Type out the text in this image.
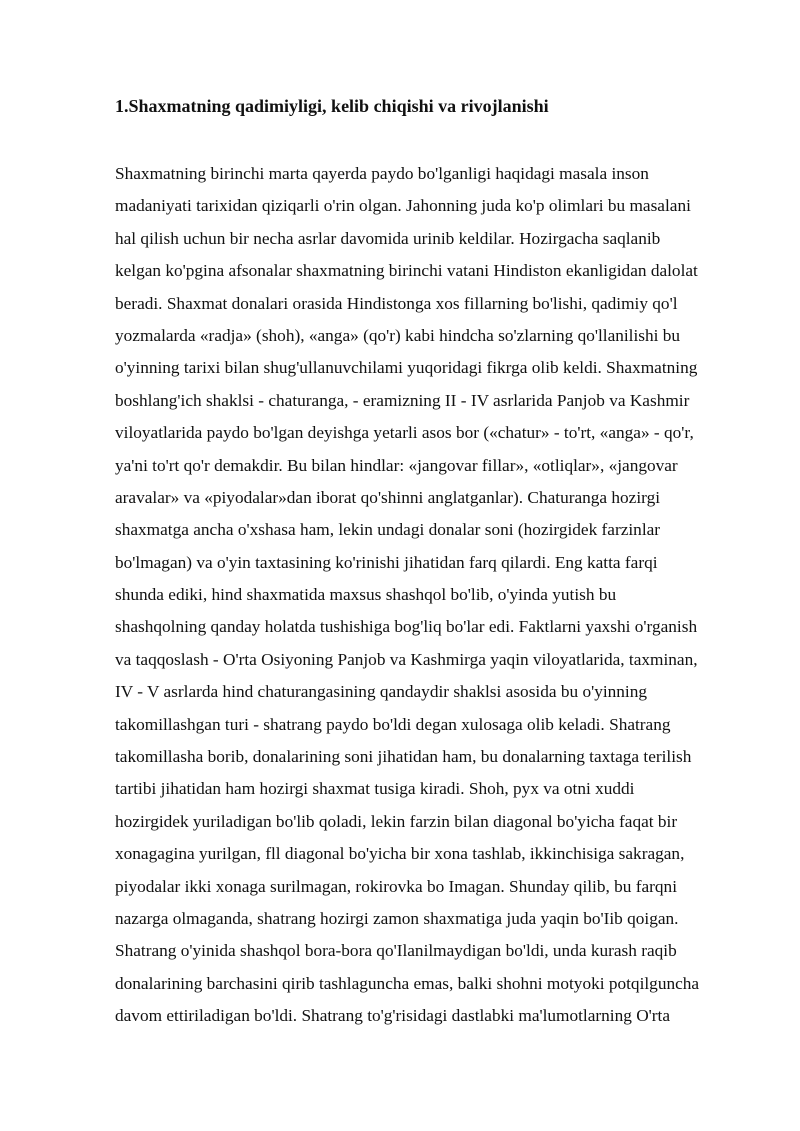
1.Shaxmatning qadimiyligi, kelib chiqishi va rivojlanishi
Shaxmatning birinchi marta qayerda paydo bo'lganligi haqidagi masala inson
madaniyati tarixidan qiziqarli o'rin olgan. Jahonning juda ko'p olimlari bu masalani
hal qilish uchun bir necha asrlar davomida urinib keldilar. Hozirgacha saqlanib
kelgan ko'pgina afsonalar shaxmatning birinchi vatani Hindiston ekanligidan dalolat
beradi. Shaxmat donalari orasida Hindistonga xos fillarning bo'lishi, qadimiy qo'l
yozmalarda «radja» (shoh), «anga» (qo'r) kabi hindcha so'zlarning qo'llanilishi bu
o'yinning tarixi bilan shug'ullanuvchilami yuqoridagi fikrga olib keldi. Shaxmatning
boshlang'ich shaklsi - chaturanga, - eramizning II - IV asrlarida Panjob va Kashmir
viloyatlarida paydo bo'lgan deyishga yetarli asos bor («chatur» - to'rt, «anga» - qo'r,
ya'ni to'rt qo'r demakdir. Bu bilan hindlar: «jangovar fillar», «otliqlar», «jangovar
aravalar» va «piyodalar»dan iborat qo'shinni anglatganlar). Chaturanga hozirgi
shaxmatga ancha o'xshasa ham, lekin undagi donalar soni (hozirgidek farzinlar
bo'lmagan) va o'yin taxtasining ko'rinishi jihatidan farq qilardi. Eng katta farqi
shunda ediki, hind shaxmatida maxsus shashqol bo'lib, o'yinda yutish bu
shashqolning qanday holatda tushishiga bog'liq bo'lar edi. Faktlarni yaxshi o'rganish
va taqqoslash - O'rta Osiyoning Panjob va Kashmirga yaqin viloyatlarida, taxminan,
IV - V asrlarda hind chaturangasining qandaydir shaklsi asosida bu o'yinning
takomillashgan turi - shatrang paydo bo'ldi degan xulosaga olib keladi. Shatrang
takomillasha borib, donalarining soni jihatidan ham, bu donalarning taxtaga terilish
tartibi jihatidan ham hozirgi shaxmat tusiga kiradi. Shoh, pyx va otni xuddi
hozirgidek yuriladigan bo'lib qoladi, lekin farzin bilan diagonal bo'yicha faqat bir
xonagagina yurilgan, fll diagonal bo'yicha bir xona tashlab, ikkinchisiga sakragan,
piyodalar ikki xonaga surilmagan, rokirovka bo Imagan. Shunday qilib, bu farqni
nazarga olmaganda, shatrang hozirgi zamon shaxmatiga juda yaqin bo'Iib qoigan.
Shatrang o'yinida shashqol bora-bora qo'Ilanilmaydigan bo'ldi, unda kurash raqib
donalarining barchasini qirib tashlaguncha emas, balki shohni motyoki potqilguncha
davom ettiriladigan bo'ldi. Shatrang to'g'risidagi dastlabki ma'lumotlarning O'rta
